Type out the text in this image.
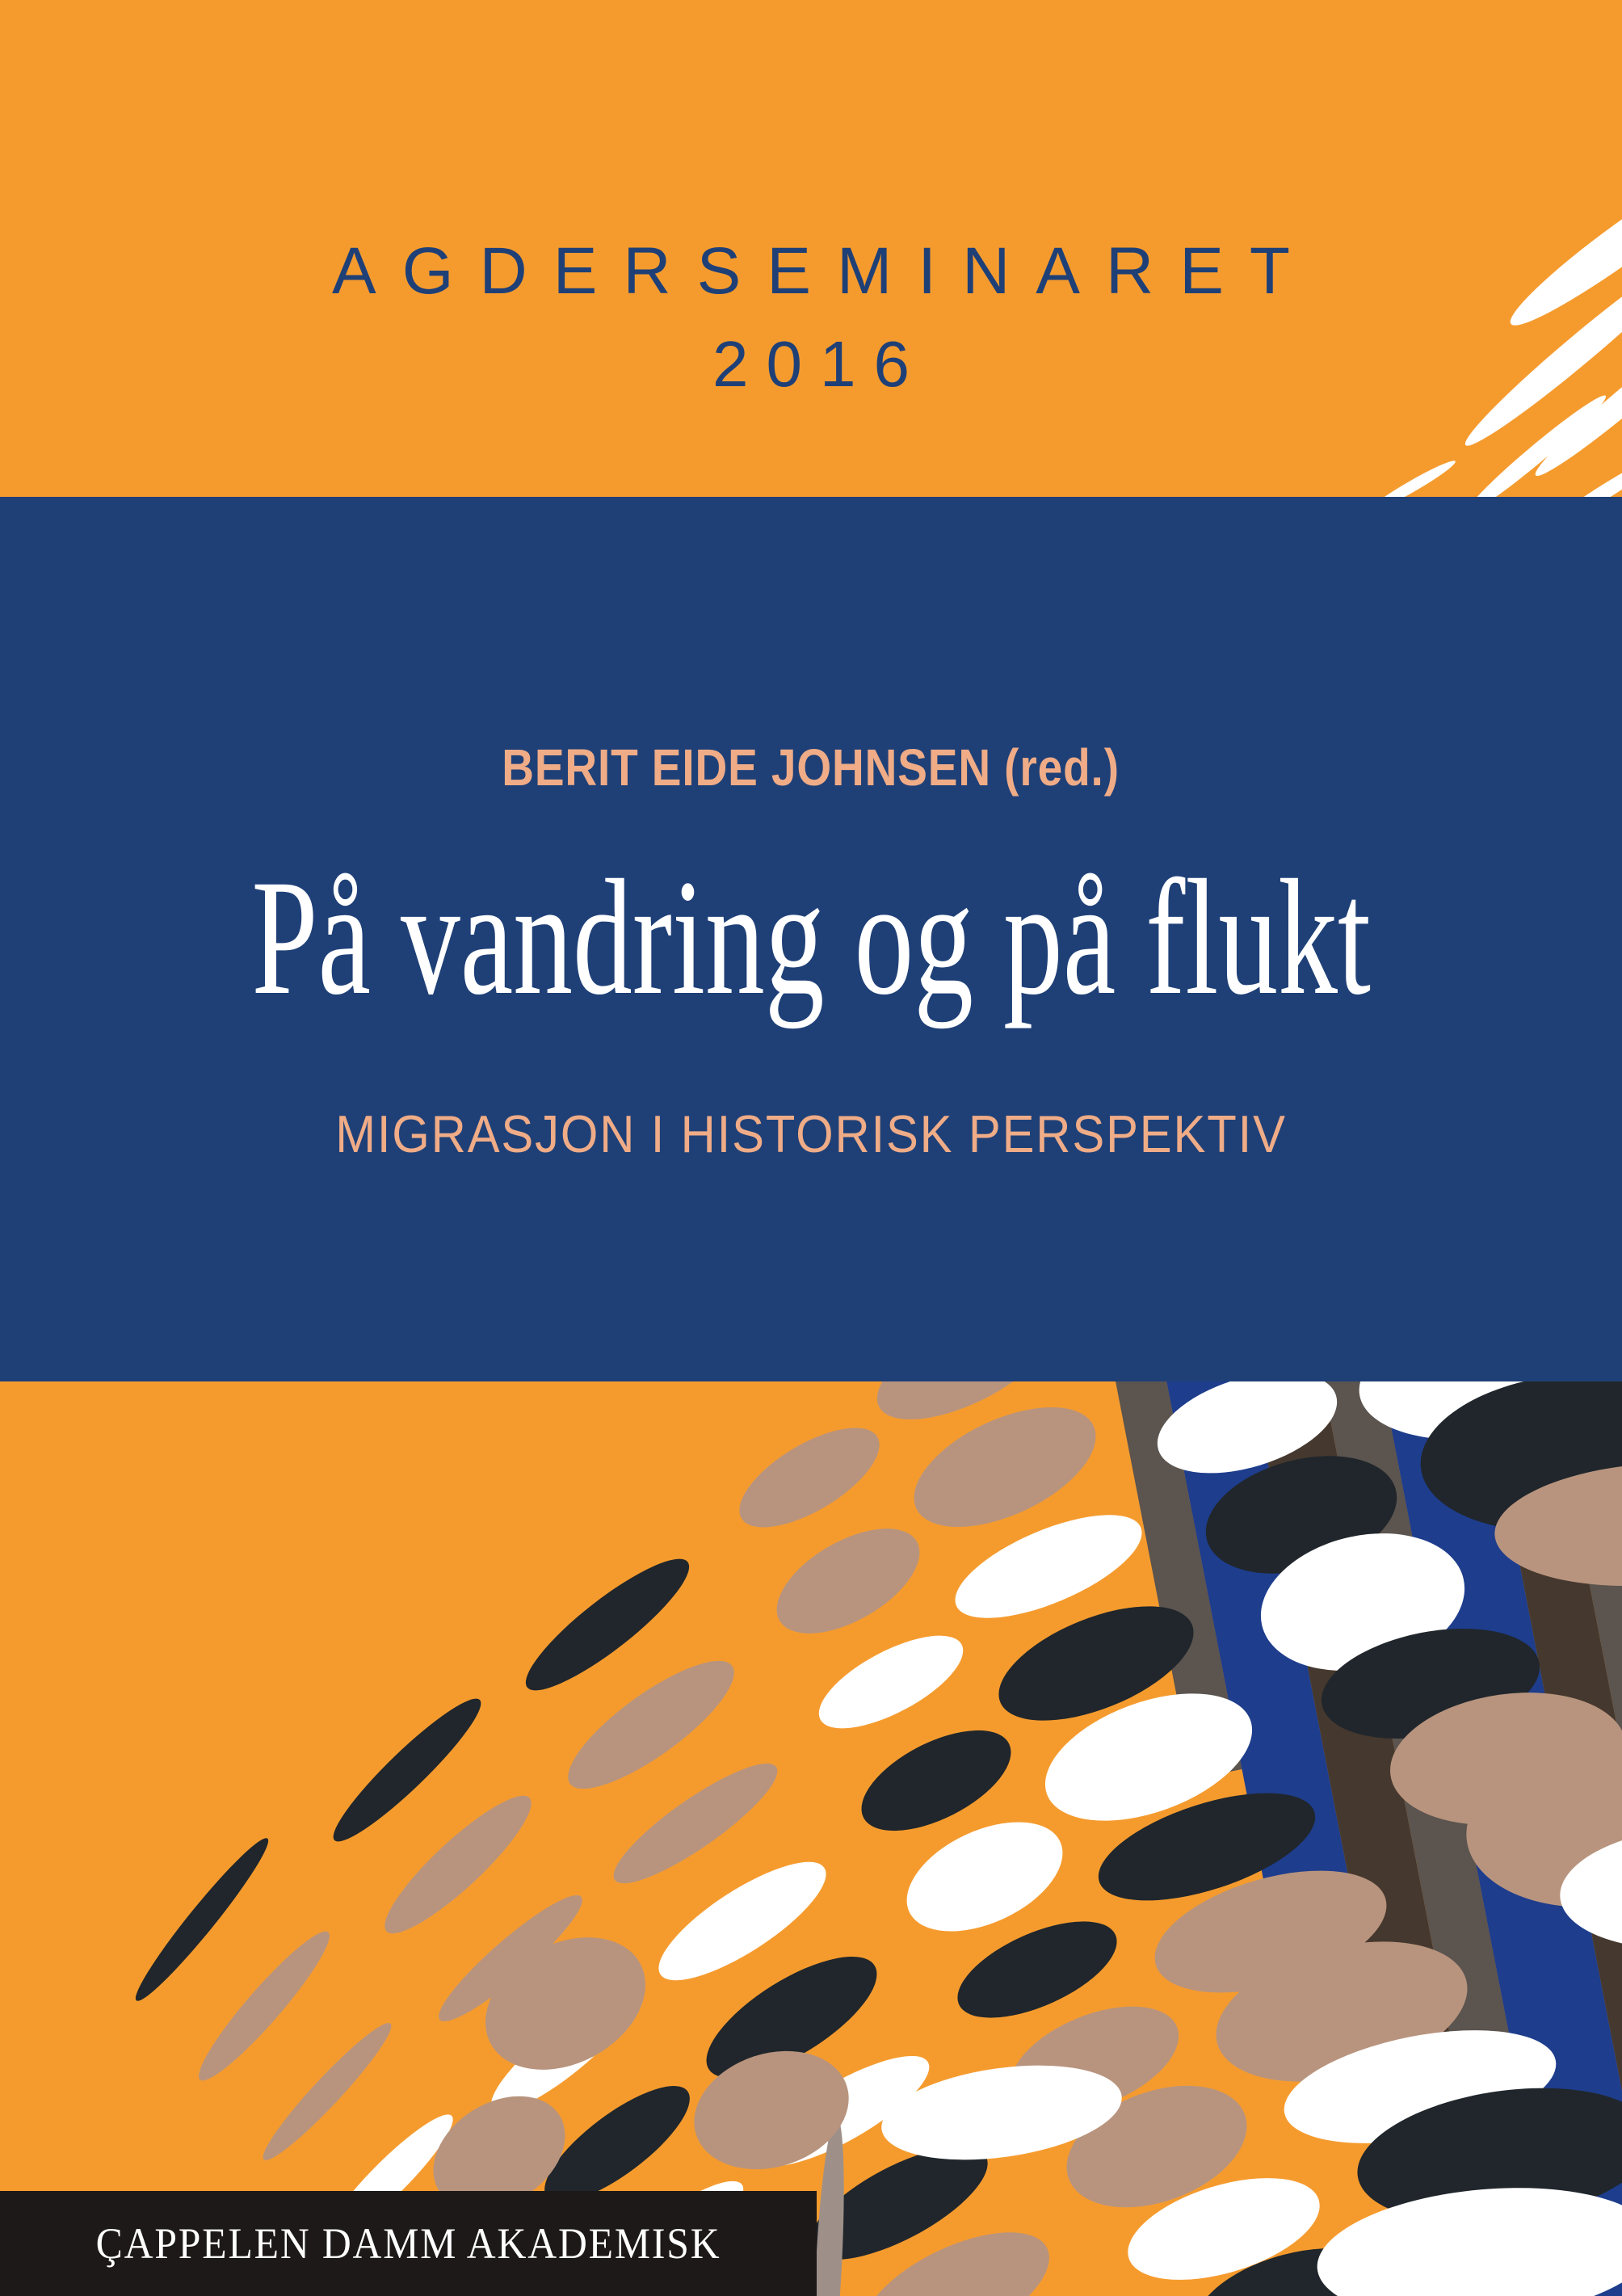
AGDERSEMINARET
2016
BERIT EIDE JOHNSEN (red.)
På vandring og på flukt
MIGRASJON I HISTORISK PERSPEKTIV
ÇAPPELEN DAMM AKADEMISK
